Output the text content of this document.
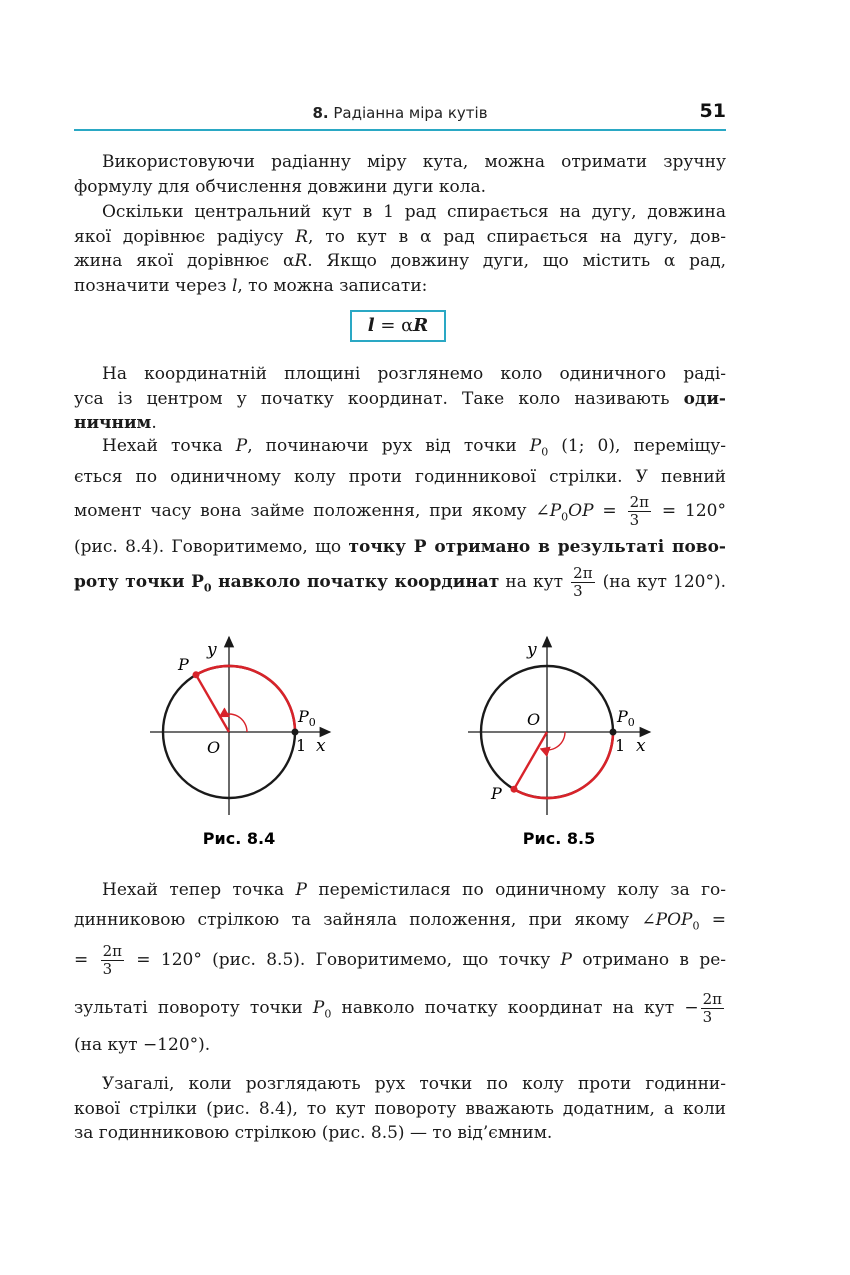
8. Радіанна міра кутів	51
Використовуючи радіанну міру кута, можна отримати зручну
формулу для обчислення довжини дуги кола.
Оскільки центральний кут в 1 рад спирається на дугу, довжина
якої дорівнює радіусу R, то кут в α рад спирається на дугу, дов-
жина якої дорівнює αR. Якщо довжину дуги, що містить α рад,
позначити через l, то можна записати:
l = αR
На координатній площині розглянемо коло одиничного раді-
уса із центром у початку координат. Таке коло називають оди-
ничним.
Нехай точка P, починаючи рух від точки $P_0$ (1; 0), переміщу-
ється по одиничному колу проти годинникової стрілки. У певний
момент часу вона займе положення, при якому $\angle P_0OP = \frac{2\pi}{3} = 120^\circ$
(рис. 8.4). Говоритимемо, що точку P отримано в результаті пово-
роту точки $P_0$ навколо початку координат на кут $\frac{2\pi}{3} (на$ кут 120°).
y
x
O
P
$P_0$
1
Рис. 8.4
y
x
O
P
$P_0$
1
Рис. 8.5
Нехай тепер точка P перемістилася по одиничному колу за го-
динниковою стрілкою та зайняла положення, при якому $\angle POP_0$ =
= $\frac{2\pi}{3} = 120^\circ$ (рис. 8.5). Говоритимемо, що точку P отримано в ре-
зультаті повороту точки $P_0$ навколо початку координат на кут − $\frac{2\pi}{3}$
(на кут −120°).
Узагалі, коли розглядають рух точки по колу проти годинни-
кової стрілки (рис. 8.4), то кут повороту вважають додатним, а коли
за годинниковою стрілкою (рис. 8.5) — то від’ємним.
